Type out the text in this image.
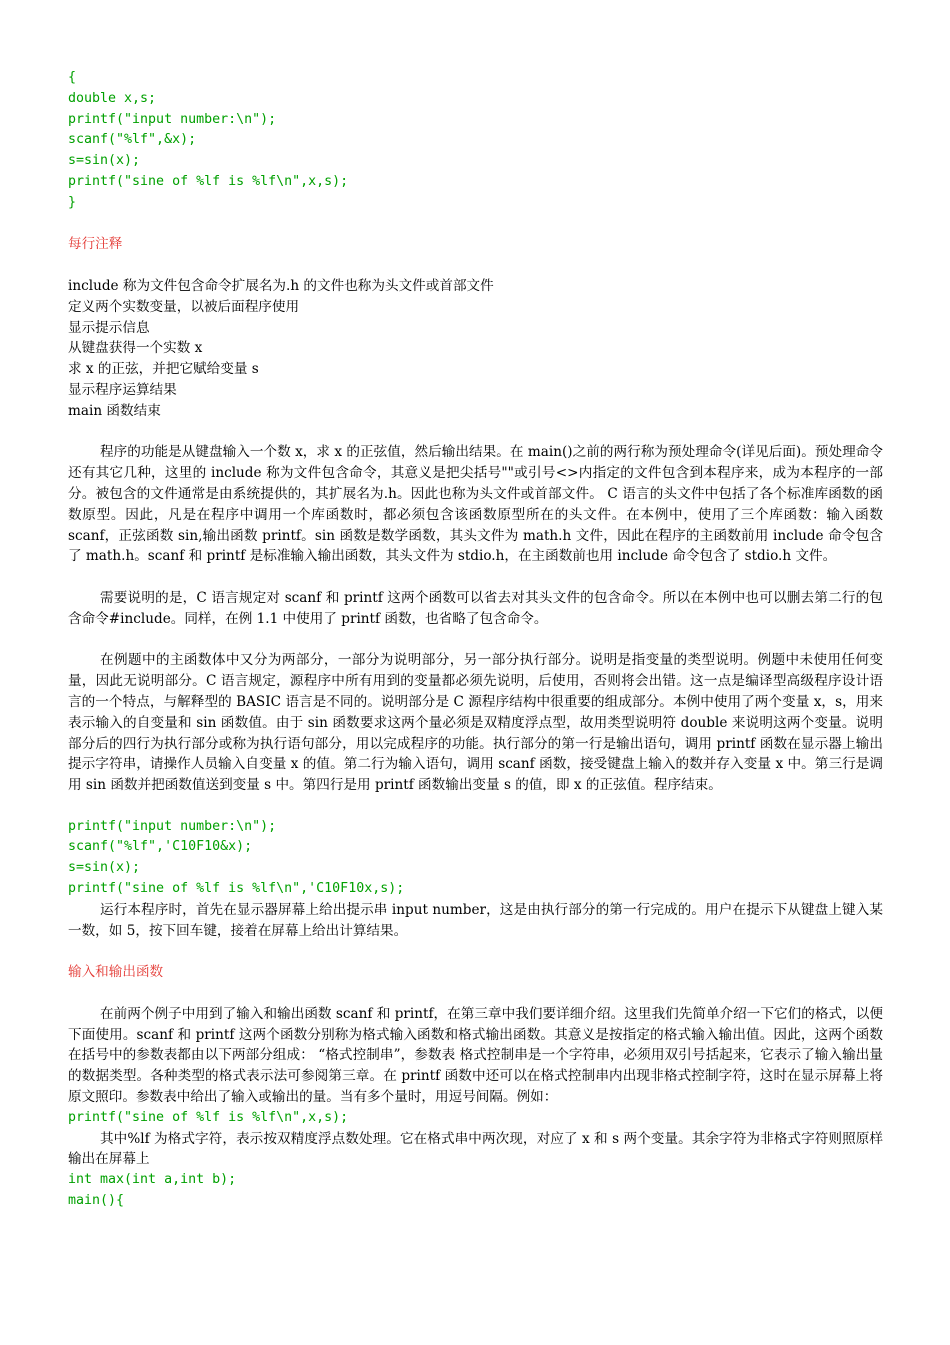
{

double x,s;

printf("input number:\n");

scanf("%lf",&x);

s=sin(x);

printf("sine of %lf is %lf\n",x,s);

}

每行注释

include 称为文件包含命令扩展名为.h 的文件也称为头文件或首部文件

定义两个实数变量，以被后面程序使用

显示提示信息

从键盘获得一个实数 x

求 x 的正弦，并把它赋给变量 s

显示程序运算结果

main 函数结束

程序的功能是从键盘输入一个数 x，求 x 的正弦值，然后输出结果。在 main()之前的两行称为预处理命令(详见后面)。预处理命令还有其它几种，这里的 include 称为文件包含命令，其意义是把尖括号""或引号<>内指定的文件包含到本程序来，成为本程序的一部分。被包含的文件通常是由系统提供的，其扩展名为.h。因此也称为头文件或首部文件。 C 语言的头文件中包括了各个标准库函数的函数原型。因此，凡是在程序中调用一个库函数时，都必须包含该函数原型所在的头文件。在本例中，使用了三个库函数：输入函数 scanf，正弦函数 sin,输出函数 printf。sin 函数是数学函数，其头文件为 math.h 文件，因此在程序的主函数前用 include 命令包含了 math.h。scanf 和 printf 是标准输入输出函数，其头文件为 stdio.h，在主函数前也用 include 命令包含了 stdio.h 文件。

需要说明的是，C 语言规定对 scanf 和 printf 这两个函数可以省去对其头文件的包含命令。所以在本例中也可以删去第二行的包含命令#include。同样，在例 1.1 中使用了 printf 函数，也省略了包含命令。

在例题中的主函数体中又分为两部分，一部分为说明部分，另一部分执行部分。说明是指变量的类型说明。例题中未使用任何变量，因此无说明部分。C 语言规定，源程序中所有用到的变量都必须先说明，后使用，否则将会出错。这一点是编译型高级程序设计语言的一个特点，与解释型的 BASIC 语言是不同的。说明部分是 C 源程序结构中很重要的组成部分。本例中使用了两个变量 x，s，用来表示输入的自变量和 sin 函数值。由于 sin 函数要求这两个量必须是双精度浮点型，故用类型说明符 double 来说明这两个变量。说明部分后的四行为执行部分或称为执行语句部分，用以完成程序的功能。执行部分的第一行是输出语句，调用 printf 函数在显示器上输出提示字符串，请操作人员输入自变量 x 的值。第二行为输入语句，调用 scanf 函数，接受键盘上输入的数并存入变量 x 中。第三行是调用 sin 函数并把函数值送到变量 s 中。第四行是用 printf 函数输出变量 s 的值，即 x 的正弦值。程序结束。

printf("input number:\n");

scanf("%lf",'C10F10&x);

s=sin(x);

printf("sine of %lf is %lf\n",'C10F10x,s);

运行本程序时，首先在显示器屏幕上给出提示串 input number，这是由执行部分的第一行完成的。用户在提示下从键盘上键入某一数，如 5，按下回车键，接着在屏幕上给出计算结果。

输入和输出函数

在前两个例子中用到了输入和输出函数 scanf 和 printf，在第三章中我们要详细介绍。这里我们先简单介绍一下它们的格式，以便下面使用。scanf 和 printf 这两个函数分别称为格式输入函数和格式输出函数。其意义是按指定的格式输入输出值。因此，这两个函数在括号中的参数表都由以下两部分组成： “格式控制串”，参数表 格式控制串是一个字符串，必须用双引号括起来，它表示了输入输出量的数据类型。各种类型的格式表示法可参阅第三章。在 printf 函数中还可以在格式控制串内出现非格式控制字符，这时在显示屏幕上将原文照印。参数表中给出了输入或输出的量。当有多个量时，用逗号间隔。例如：

printf("sine of %lf is %lf\n",x,s);

其中%lf 为格式字符，表示按双精度浮点数处理。它在格式串中两次现，对应了 x 和 s 两个变量。其余字符为非格式字符则照原样输出在屏幕上

int max(int a,int b);

main(){
